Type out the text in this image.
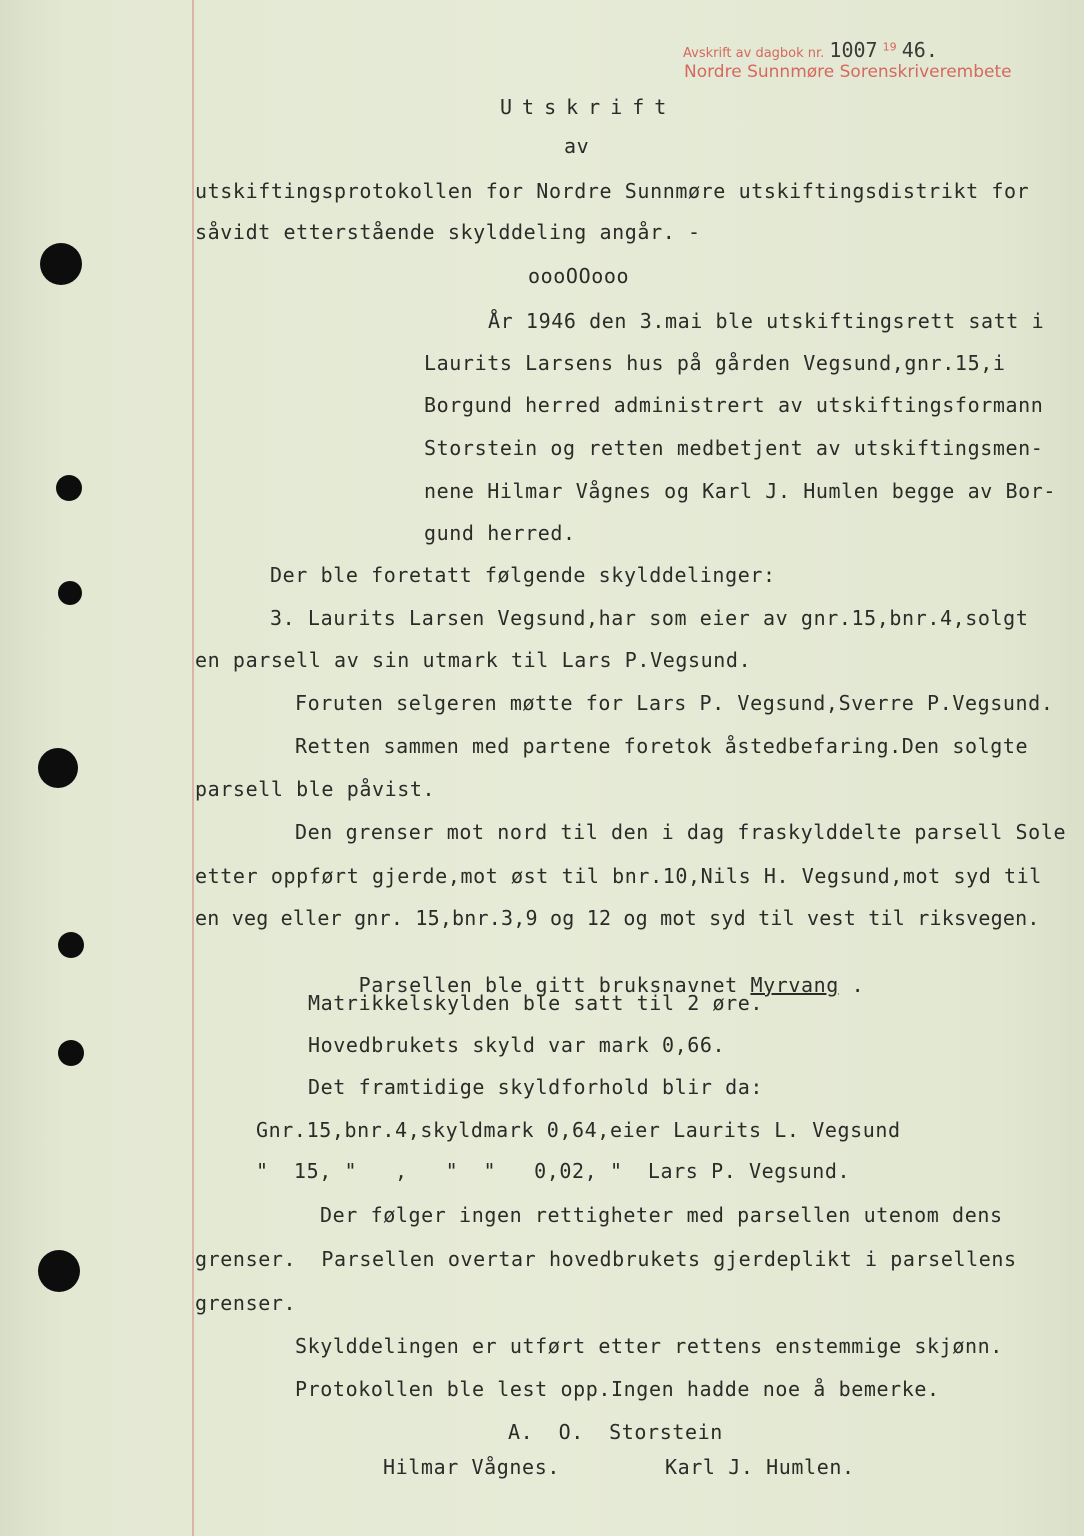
Avskrift av dagbok nr. 1007 $^{19}$ 46.
Nordre Sunnmøre Sorenskriverembete
Utskrift
av
utskiftingsprotokollen for Nordre Sunnmøre utskiftingsdistrikt for
såvidt etterstående skylddeling angår. -
oooOOooo
År 1946 den 3.mai ble utskiftingsrett satt i
Laurits Larsens hus på gården Vegsund,gnr.15,i
Borgund herred administrert av utskiftingsformann
Storstein og retten medbetjent av utskiftingsmen-
nene Hilmar Vågnes og Karl J. Humlen begge av Bor-
gund herred.
Der ble foretatt følgende skylddelinger:
3. Laurits Larsen Vegsund,har som eier av gnr.15,bnr.4,solgt
en parsell av sin utmark til Lars P.Vegsund.
Foruten selgeren møtte for Lars P. Vegsund,Sverre P.Vegsund.
Retten sammen med partene foretok åstedbefaring.Den solgte
parsell ble påvist.
Den grenser mot nord til den i dag fraskylddelte parsell Sole
etter oppført gjerde,mot øst til bnr.10,Nils H. Vegsund,mot syd til
en veg eller gnr. 15,bnr.3,9 og 12 og mot syd til vest til riksvegen.

Parsellen ble gitt bruksnavnet Myrvang .

Matrikkelskylden ble satt til 2 øre.
Hovedbrukets skyld var mark 0,66.
Det framtidige skyldforhold blir da:
Gnr.15,bnr.4,skyldmark 0,64,eier Laurits L. Vegsund
"  15, "   ,   "  "   0,02, "  Lars P. Vegsund.
Der følger ingen rettigheter med parsellen utenom dens
grenser.  Parsellen overtar hovedbrukets gjerdeplikt i parsellens
grenser.
Skylddelingen er utført etter rettens enstemmige skjønn.
Protokollen ble lest opp.Ingen hadde noe å bemerke.
A.  O.  Storstein
Hilmar Vågnes.	Karl J. Humlen.
